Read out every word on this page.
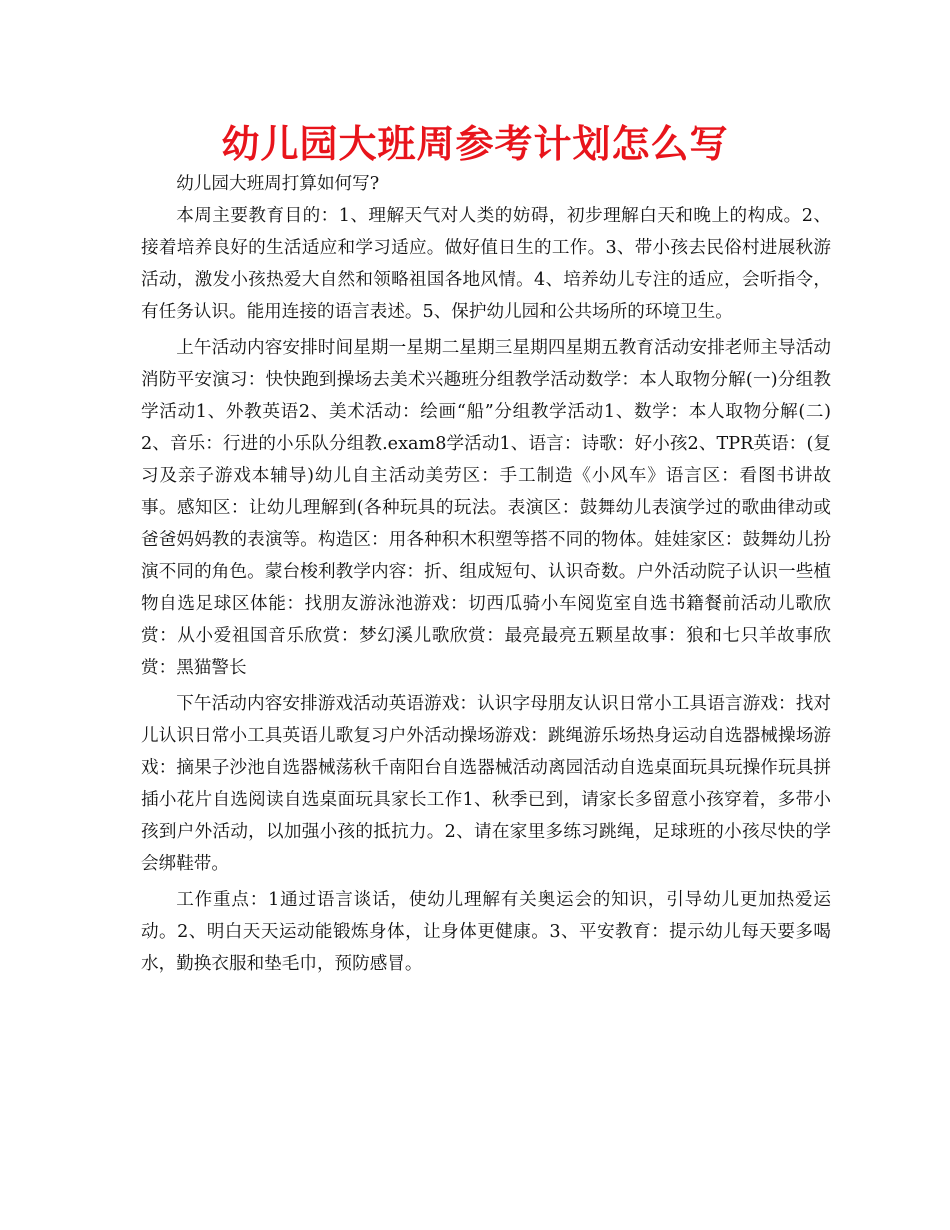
幼儿园大班周参考计划怎么写

幼儿园大班周打算如何写?

本周主要教育目的：1、理解天气对人类的妨碍，初步理解白天和晚上的构成。2、接着培养良好的生活适应和学习适应。做好值日生的工作。3、带小孩去民俗村进展秋游活动，激发小孩热爱大自然和领略祖国各地风情。4、培养幼儿专注的适应，会听指令，有任务认识。能用连接的语言表述。5、保护幼儿园和公共场所的环境卫生。

上午活动内容安排时间星期一星期二星期三星期四星期五教育活动安排老师主导活动消防平安演习：快快跑到操场去美术兴趣班分组教学活动数学：本人取物分解(一)分组教学活动1、外教英语2、美术活动：绘画“船”分组教学活动1、数学：本人取物分解(二)2、音乐：行进的小乐队分组教.exam8学活动1、语言：诗歌：好小孩2、TPR英语：(复习及亲子游戏本辅导)幼儿自主活动美劳区：手工制造《小风车》语言区：看图书讲故事。感知区：让幼儿理解到(各种玩具的玩法。表演区：鼓舞幼儿表演学过的歌曲律动或爸爸妈妈教的表演等。构造区：用各种积木积塑等搭不同的物体。娃娃家区：鼓舞幼儿扮演不同的角色。蒙台梭利教学内容：折、组成短句、认识奇数。户外活动院子认识一些植物自选足球区体能：找朋友游泳池游戏：切西瓜骑小车阅览室自选书籍餐前活动儿歌欣赏：从小爱祖国音乐欣赏：梦幻溪儿歌欣赏：最亮最亮五颗星故事：狼和七只羊故事欣赏：黑猫警长

下午活动内容安排游戏活动英语游戏：认识字母朋友认识日常小工具语言游戏：找对儿认识日常小工具英语儿歌复习户外活动操场游戏：跳绳游乐场热身运动自选器械操场游戏：摘果子沙池自选器械荡秋千南阳台自选器械活动离园活动自选桌面玩具玩操作玩具拼插小花片自选阅读自选桌面玩具家长工作1、秋季已到，请家长多留意小孩穿着，多带小孩到户外活动，以加强小孩的抵抗力。2、请在家里多练习跳绳，足球班的小孩尽快的学会绑鞋带。

工作重点：1通过语言谈话，使幼儿理解有关奥运会的知识，引导幼儿更加热爱运动。2、明白天天运动能锻炼身体，让身体更健康。3、平安教育：提示幼儿每天要多喝水，勤换衣服和垫毛巾，预防感冒。
